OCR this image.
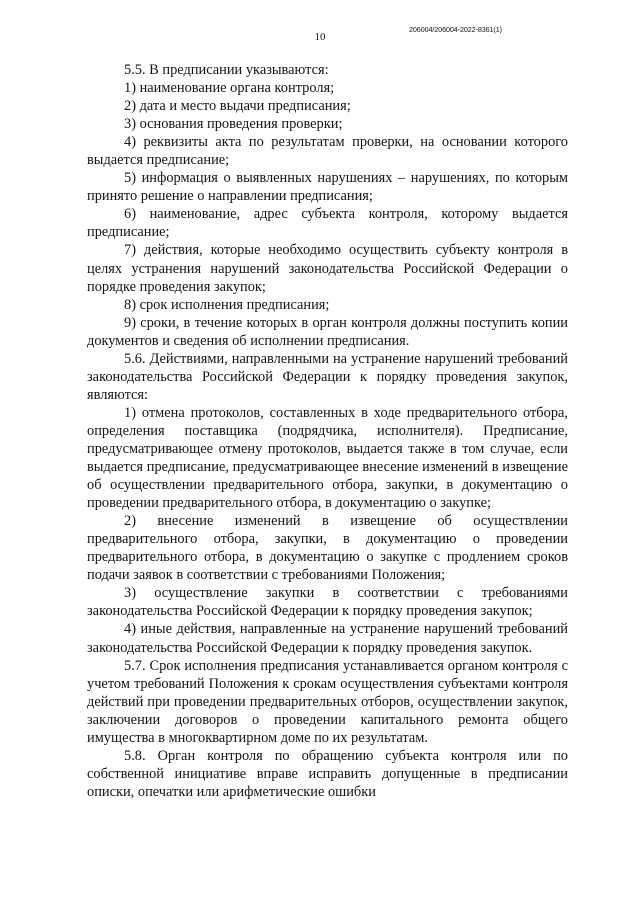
10
206004/206004-2022-8361(1)

5.5. В предписании указываются:

1) наименование органа контроля;

2) дата и место выдачи предписания;

3) основания проведения проверки;

4) реквизиты акта по результатам проверки, на основании которого выдается предписание;

5) информация о выявленных нарушениях – нарушениях, по которым принято решение о направлении предписания;

6) наименование, адрес субъекта контроля, которому выдается предписание;

7) действия, которые необходимо осуществить субъекту контроля в целях устранения нарушений законодательства Российской Федерации о порядке проведения закупок;

8) срок исполнения предписания;

9) сроки, в течение которых в орган контроля должны поступить копии документов и сведения об исполнении предписания.

5.6. Действиями, направленными на устранение нарушений требований законодательства Российской Федерации к порядку проведения закупок, являются:

1) отмена протоколов, составленных в ходе предварительного отбора, определения поставщика (подрядчика, исполнителя). Предписание, предусматривающее отмену протоколов, выдается также в том случае, если выдается предписание, предусматривающее внесение изменений в извещение об осуществлении предварительного отбора, закупки, в документацию о проведении предварительного отбора, в документацию о закупке;

2) внесение изменений в извещение об осуществлении предварительного отбора, закупки, в документацию о проведении предварительного отбора, в документацию о закупке с продлением сроков подачи заявок в соответствии с требованиями Положения;

3) осуществление закупки в соответствии с требованиями законодательства Российской Федерации к порядку проведения закупок;

4) иные действия, направленные на устранение нарушений требований законодательства Российской Федерации к порядку проведения закупок.

5.7. Срок исполнения предписания устанавливается органом контроля с учетом требований Положения к срокам осуществления субъектами контроля действий при проведении предварительных отборов, осуществлении закупок, заключении договоров о проведении капитального ремонта общего имущества в многоквартирном доме по их результатам.

5.8. Орган контроля по обращению субъекта контроля или по собственной инициативе вправе исправить допущенные в предписании описки, опечатки или арифметические ошибки
